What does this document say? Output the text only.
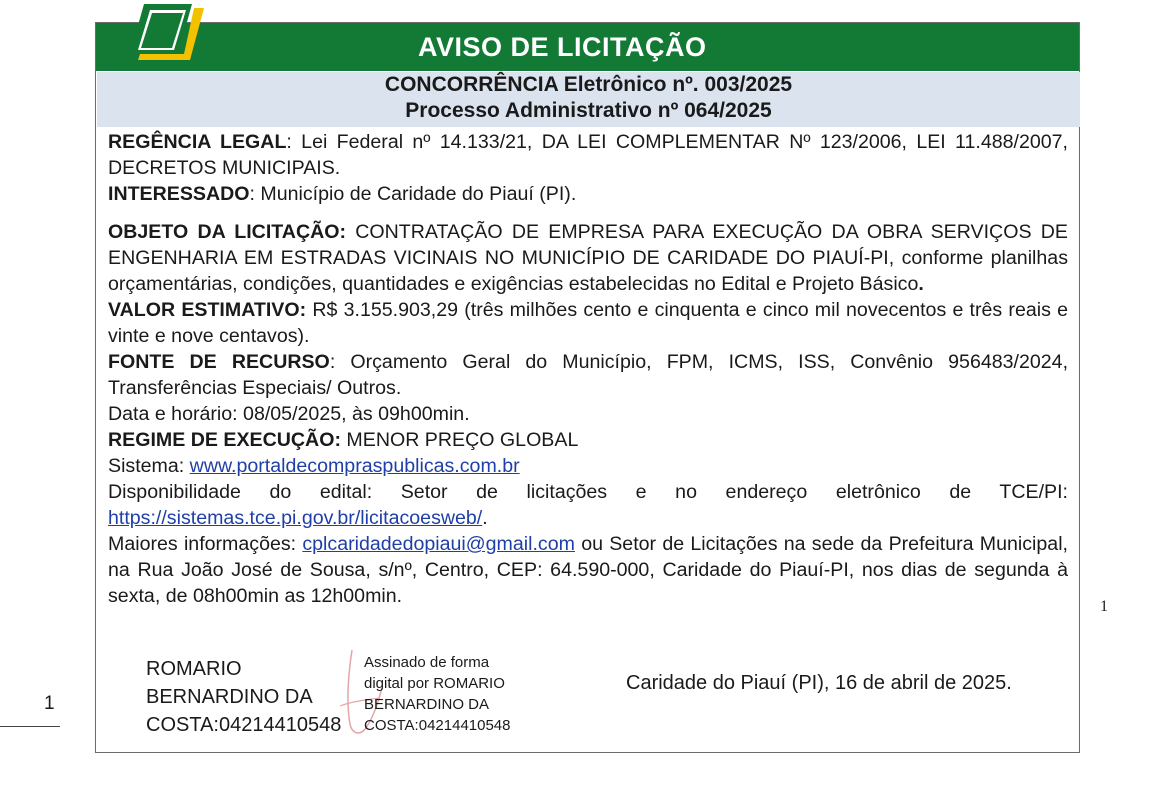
AVISO DE LICITAÇÃO
CONCORRÊNCIA Eletrônico nº. 003/2025
Processo Administrativo nº 064/2025

REGÊNCIA LEGAL: Lei Federal nº 14.133/21, DA LEI COMPLEMENTAR Nº 123/2006, LEI 11.488/2007, DECRETOS MUNICIPAIS.

INTERESSADO: Município de Caridade do Piauí (PI).

OBJETO DA LICITAÇÃO: CONTRATAÇÃO DE EMPRESA PARA EXECUÇÃO DA OBRA SERVIÇOS DE ENGENHARIA EM ESTRADAS VICINAIS NO MUNICÍPIO DE CARIDADE DO PIAUÍ-PI, conforme planilhas orçamentárias, condições, quantidades e exigências estabelecidas no Edital e Projeto Básico.

VALOR ESTIMATIVO: R$ 3.155.903,29 (três milhões cento e cinquenta e cinco mil novecentos e três reais e vinte e nove centavos).

FONTE DE RECURSO: Orçamento Geral do Município, FPM, ICMS, ISS, Convênio 956483/2024, Transferências Especiais/ Outros.

Data e horário: 08/05/2025, às 09h00min.

REGIME DE EXECUÇÃO: MENOR PREÇO GLOBAL

Sistema: www.portaldecompraspublicas.com.br

Disponibilidade do edital: Setor de licitações e no endereço eletrônico de TCE/PI: https://sistemas.tce.pi.gov.br/licitacoesweb/.

Maiores informações: cplcaridadedopiaui@gmail.com ou Setor de Licitações na sede da Prefeitura Municipal, na Rua João José de Sousa, s/nº, Centro, CEP: 64.590-000, Caridade do Piauí-PI, nos dias de segunda à sexta, de 08h00min as 12h00min.

ROMARIO
BERNARDINO DA
COSTA:04214410548
Assinado de forma
digital por ROMARIO
BERNARDINO DA
COSTA:04214410548
Caridade do Piauí (PI), 16 de abril de 2025.
1
1
